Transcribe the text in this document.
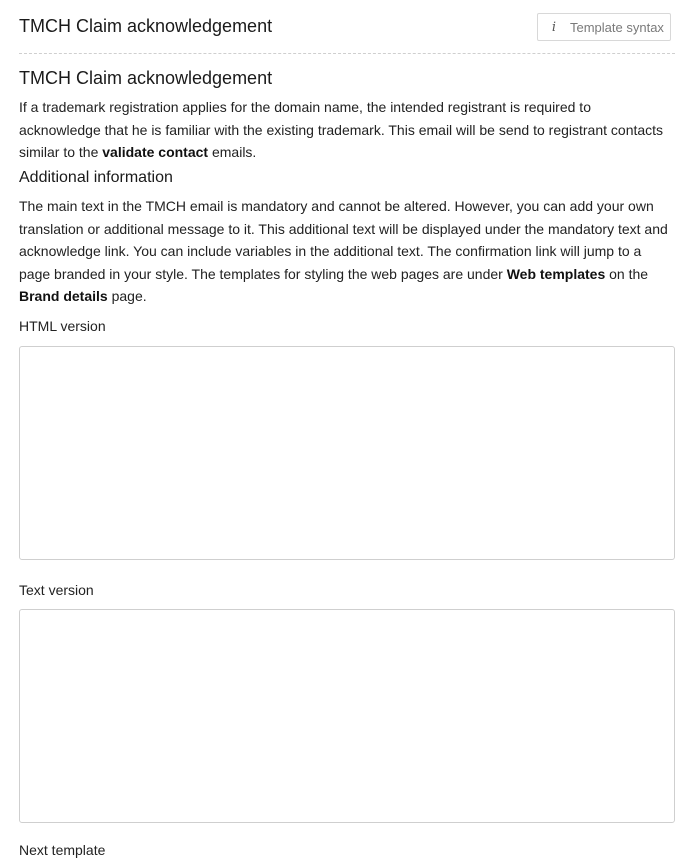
TMCH Claim acknowledgement	i Template syntax
TMCH Claim acknowledgement

If a trademark registration applies for the domain name, the intended registrant is required to acknowledge that he is familiar with the existing trademark. This email will be send to registrant contacts similar to the validate contact emails.

Additional information

The main text in the TMCH email is mandatory and cannot be altered. However, you can add your own translation or additional message to it. This additional text will be displayed under the mandatory text and acknowledge link. You can include variables in the additional text. The confirmation link will jump to a page branded in your style. The templates for styling the web pages are under Web templates on the Brand details page.

HTML version
Text version
Next template
